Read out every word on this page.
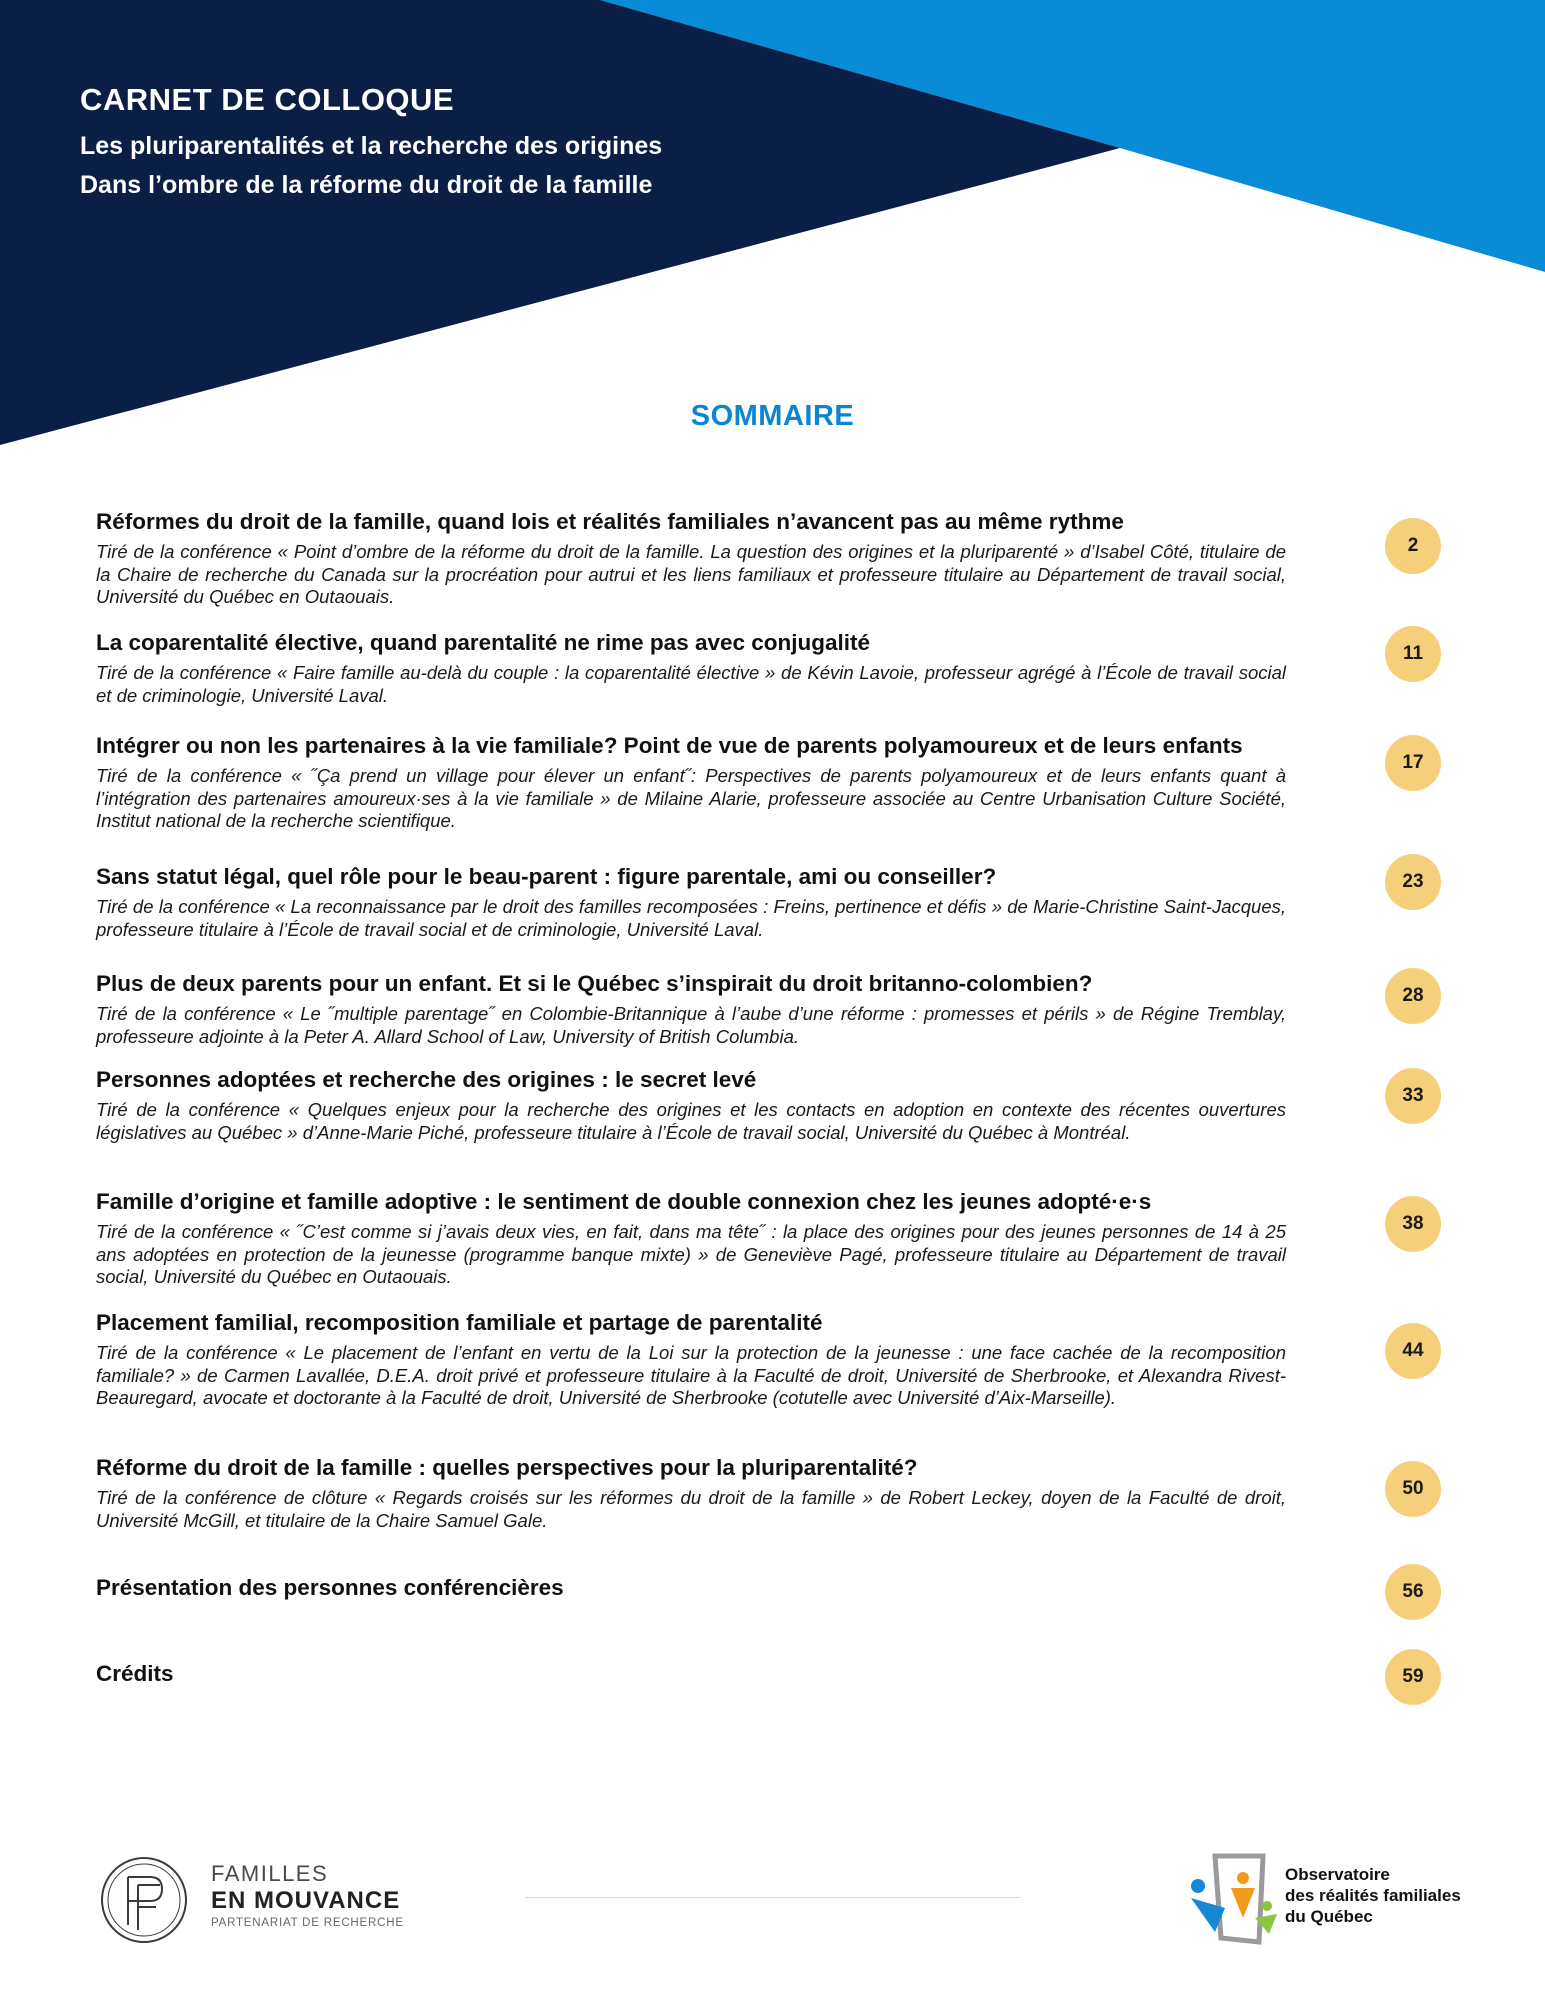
CARNET DE COLLOQUE
Les pluriparentalités et la recherche des origines
Dans l’ombre de la réforme du droit de la famille
SOMMAIRE
Réformes du droit de la famille, quand lois et réalités familiales n’avancent pas au même rythme
Tiré de la conférence « Point d’ombre de la réforme du droit de la famille. La question des origines et la pluriparenté » d’Isabel Côté, titulaire de la Chaire de recherche du Canada sur la procréation pour autrui et les liens familiaux et professeure titulaire au Département de travail social, Université du Québec en Outaouais.
2
La coparentalité élective, quand parentalité ne rime pas avec conjugalité
Tiré de la conférence « Faire famille au-delà du couple : la coparentalité élective » de Kévin Lavoie, professeur agrégé à l’École de travail social et de criminologie, Université Laval.
11
Intégrer ou non les partenaires à la vie familiale? Point de vue de parents polyamoureux et de leurs enfants
Tiré de la conférence « ˝Ça prend un village pour élever un enfant˝: Perspectives de parents polyamoureux et de leurs enfants quant à l’intégration des partenaires amoureux·ses à la vie familiale » de Milaine Alarie, professeure associée au Centre Urbanisation Culture Société, Institut national de la recherche scientifique.
17
Sans statut légal, quel rôle pour le beau-parent : figure parentale, ami ou conseiller?
Tiré de la conférence « La reconnaissance par le droit des familles recomposées : Freins, pertinence et défis » de Marie-Christine Saint-Jacques, professeure titulaire à l’École de travail social et de criminologie, Université Laval.
23
Plus de deux parents pour un enfant. Et si le Québec s’inspirait du droit britanno-colombien?
Tiré de la conférence « Le ˝multiple parentage˝ en Colombie-Britannique à l’aube d’une réforme : promesses et périls » de Régine Tremblay, professeure adjointe à la Peter A. Allard School of Law, University of British Columbia.
28
Personnes adoptées et recherche des origines : le secret levé
Tiré de la conférence « Quelques enjeux pour la recherche des origines et les contacts en adoption en contexte des récentes ouvertures législatives au Québec » d’Anne-Marie Piché, professeure titulaire à l’École de travail social, Université du Québec à Montréal.
33
Famille d’origine et famille adoptive : le sentiment de double connexion chez les jeunes adopté·e·s
Tiré de la conférence « ˝C’est comme si j’avais deux vies, en fait, dans ma tête˝ : la place des origines pour des jeunes personnes de 14 à 25 ans adoptées en protection de la jeunesse (programme banque mixte) » de Geneviève Pagé, professeure titulaire au Département de travail social, Université du Québec en Outaouais.
38
Placement familial, recomposition familiale et partage de parentalité
Tiré de la conférence « Le placement de l’enfant en vertu de la Loi sur la protection de la jeunesse : une face cachée de la recomposition familiale? » de Carmen Lavallée, D.E.A. droit privé et professeure titulaire à la Faculté de droit, Université de Sherbrooke, et Alexandra Rivest-Beauregard, avocate et doctorante à la Faculté de droit, Université de Sherbrooke (cotutelle avec Université d’Aix-Marseille).
44
Réforme du droit de la famille : quelles perspectives pour la pluriparentalité?
Tiré de la conférence de clôture « Regards croisés sur les réformes du droit de la famille » de Robert Leckey, doyen de la Faculté de droit, Université McGill, et titulaire de la Chaire Samuel Gale.
50
Présentation des personnes conférencières	56
Crédits	59
FAMILLES
EN MOUVANCE
PARTENARIAT DE RECHERCHE
Observatoire
des réalités familiales
du Québec
